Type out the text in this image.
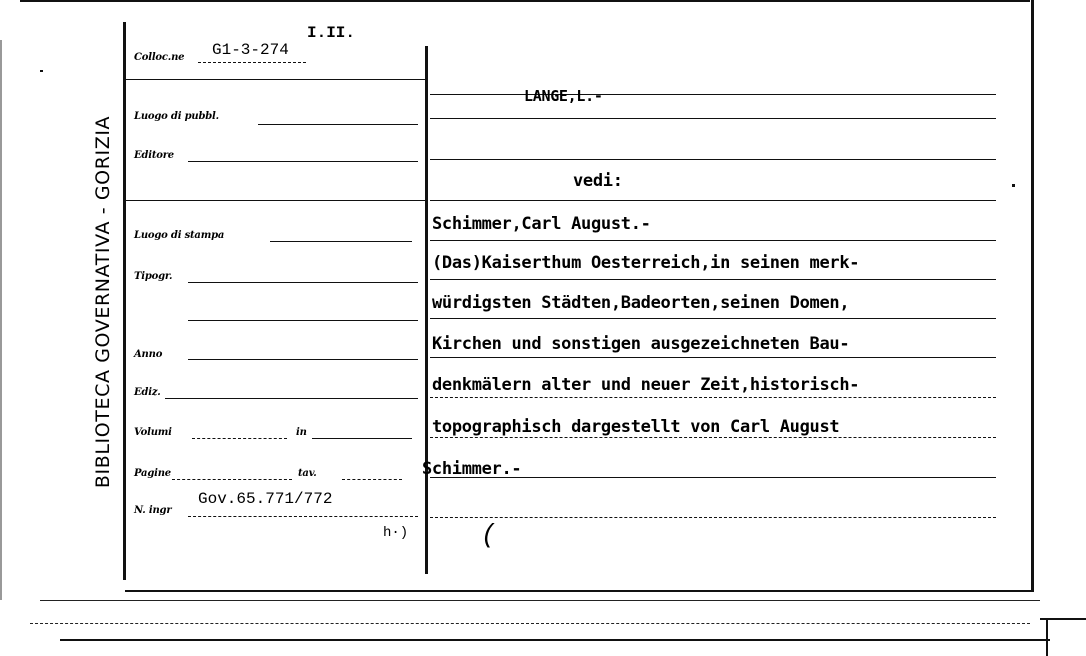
BIBLIOTECA GOVERNATIVA - GORIZIA
Colloc.ne G1-3-274
I.II.
Luogo di pubbl.
Editore
Luogo di stampa
Tipogr.
Anno
Ediz.
Volumi	in
Pagine	tav.
N. ingr
Gov.65.771/772
h·)	(
LANGE,L.-
vedi:
Schimmer,Carl August.-
(Das)Kaiserthum Oesterreich,in seinen merk-
würdigsten Städten,Badeorten,seinen Domen,
Kirchen und sonstigen ausgezeichneten Bau-
denkmälern alter und neuer Zeit,historisch-
topographisch dargestellt von Carl August
Schimmer.-
